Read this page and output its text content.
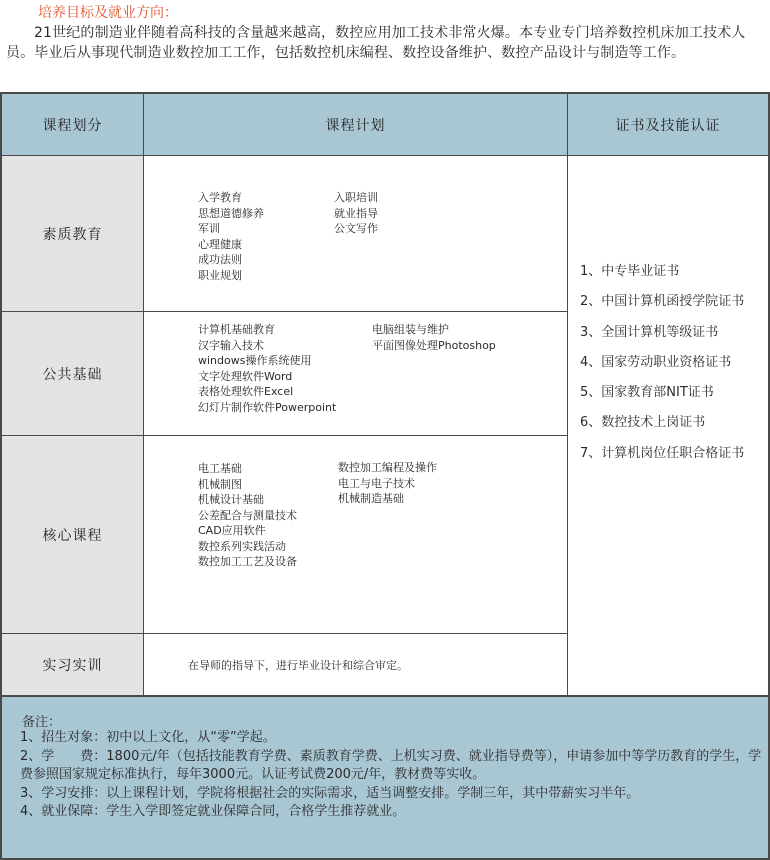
培养目标及就业方向：

21世纪的制造业伴随着高科技的含量越来越高，数控应用加工技术非常火爆。本专业专门培养数控机床加工技术人员。毕业后从事现代制造业数控加工工作，包括数控机床编程、数控设备维护、数控产品设计与制造等工作。

课程划分	课程计划	证书及技能认证
素质教育
公共基础
核心课程
实习实训
入学教育
思想道德修养
军训
心理健康
成功法则
职业规划
入职培训
就业指导
公文写作
计算机基础教育
汉字输入技术
windows操作系统使用
文字处理软件Word
表格处理软件Excel
幻灯片制作软件Powerpoint
电脑组装与维护
平面图像处理Photoshop
电工基础
机械制图
机械设计基础
公差配合与测量技术
CAD应用软件
数控系列实践活动
数控加工工艺及设备
数控加工编程及操作
电工与电子技术
机械制造基础

在导师的指导下，进行毕业设计和综合审定。

1、中专毕业证书
2、中国计算机函授学院证书
3、全国计算机等级证书
4、国家劳动职业资格证书
5、国家教育部NIT证书
6、数控技术上岗证书
7、计算机岗位任职合格证书

备注：

1、招生对象：初中以上文化，从“零”学起。

2、学　　费：1800元/年（包括技能教育学费、素质教育学费、上机实习费、就业指导费等），申请参加中等学历教育的学生，学费参照国家规定标准执行，每年3000元。认证考试费200元/年，教材费等实收。

3、学习安排：以上课程计划，学院将根据社会的实际需求，适当调整安排。学制三年，其中带薪实习半年。

4、就业保障：学生入学即签定就业保障合同，合格学生推荐就业。
